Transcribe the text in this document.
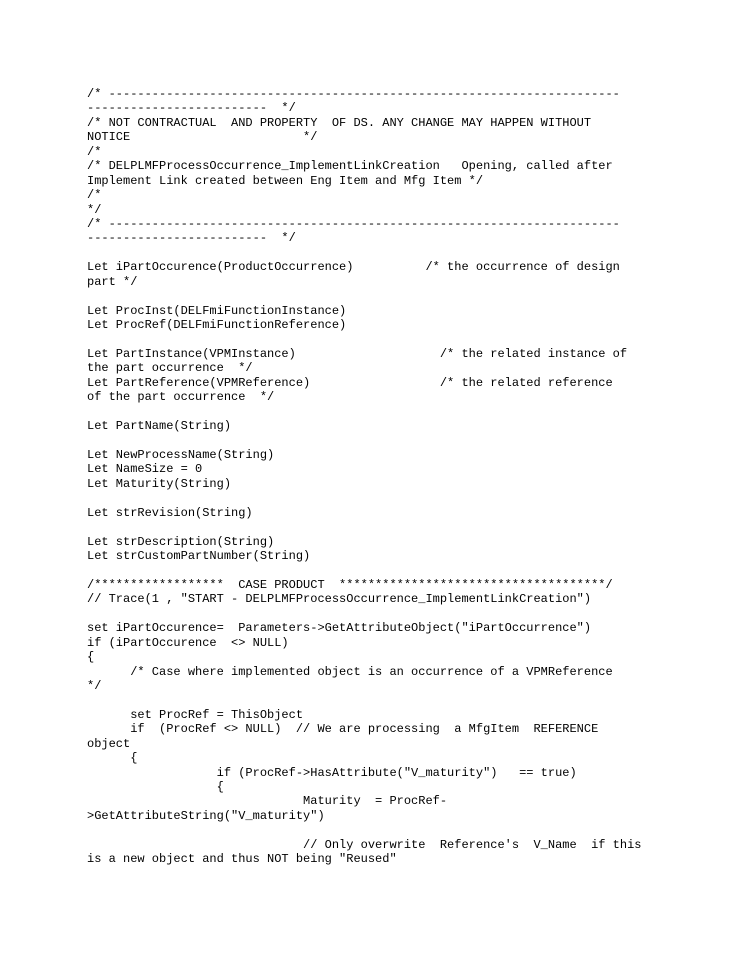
/* -----------------------------------------------------------------------
-------------------------  */
/* NOT CONTRACTUAL  AND PROPERTY  OF DS. ANY CHANGE MAY HAPPEN WITHOUT
NOTICE                        */
/*
/* DELPLMFProcessOccurrence_ImplementLinkCreation   Opening, called after
Implement Link created between Eng Item and Mfg Item */
/*
*/
/* -----------------------------------------------------------------------
-------------------------  */
Let iPartOccurence(ProductOccurrence)          /* the occurrence of design
part */
Let ProcInst(DELFmiFunctionInstance)
Let ProcRef(DELFmiFunctionReference)
Let PartInstance(VPMInstance)                    /* the related instance of
the part occurrence  */
Let PartReference(VPMReference)                  /* the related reference
of the part occurrence  */
Let PartName(String)
Let NewProcessName(String)
Let NameSize = 0
Let Maturity(String)
Let strRevision(String)
Let strDescription(String)
Let strCustomPartNumber(String)
/******************  CASE PRODUCT  *************************************/
// Trace(1 , "START - DELPLMFProcessOccurrence_ImplementLinkCreation")
set iPartOccurence=  Parameters->GetAttributeObject("iPartOccurrence")
if (iPartOccurence  <> NULL)
{
/* Case where implemented object is an occurrence of a VPMReference
*/
set ProcRef = ThisObject
if  (ProcRef <> NULL)  // We are processing  a MfgItem  REFERENCE
object
{
if (ProcRef->HasAttribute("V_maturity")   == true)
{
Maturity  = ProcRef-
>GetAttributeString("V_maturity")
// Only overwrite  Reference's  V_Name  if this
is a new object and thus NOT being "Reused"
